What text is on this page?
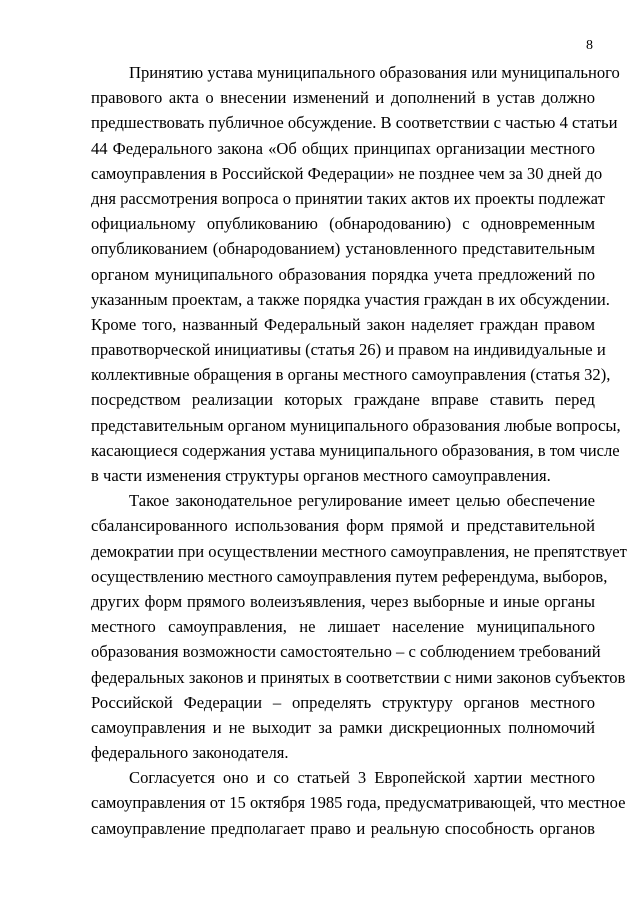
8
Принятию устава муниципального образования или муниципального
правового акта о внесении изменений и дополнений в устав должно
предшествовать публичное обсуждение. В соответствии с частью 4 статьи
44 Федерального закона «Об общих принципах организации местного
самоуправления в Российской Федерации» не позднее чем за 30 дней до
дня рассмотрения вопроса о принятии таких актов их проекты подлежат
официальному опубликованию (обнародованию) с одновременным
опубликованием (обнародованием) установленного представительным
органом муниципального образования порядка учета предложений по
указанным проектам, а также порядка участия граждан в их обсуждении.
Кроме того, названный Федеральный закон наделяет граждан правом
правотворческой инициативы (статья 26) и правом на индивидуальные и
коллективные обращения в органы местного самоуправления (статья 32),
посредством реализации которых граждане вправе ставить перед
представительным органом муниципального образования любые вопросы,
касающиеся содержания устава муниципального образования, в том числе
в части изменения структуры органов местного самоуправления.
Такое законодательное регулирование имеет целью обеспечение
сбалансированного использования форм прямой и представительной
демократии при осуществлении местного самоуправления, не препятствует
осуществлению местного самоуправления путем референдума, выборов,
других форм прямого волеизъявления, через выборные и иные органы
местного самоуправления, не лишает население муниципального
образования возможности самостоятельно – с соблюдением требований
федеральных законов и принятых в соответствии с ними законов субъектов
Российской Федерации – определять структуру органов местного
самоуправления и не выходит за рамки дискреционных полномочий
федерального законодателя.
Согласуется оно и со статьей 3 Европейской хартии местного
самоуправления от 15 октября 1985 года, предусматривающей, что местное
самоуправление предполагает право и реальную способность органов
